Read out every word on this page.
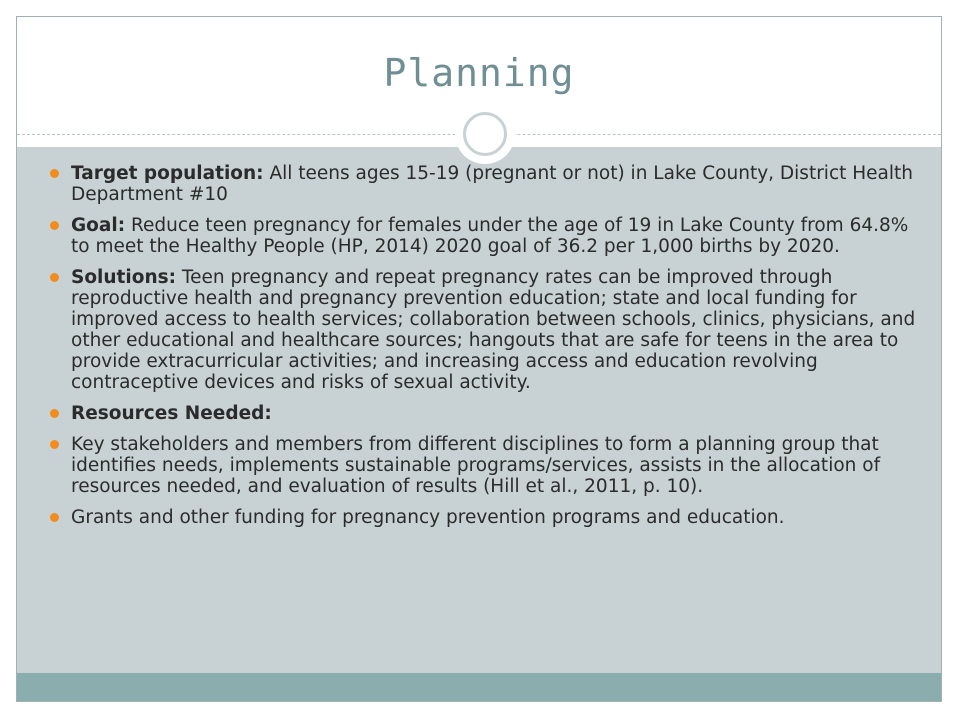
Planning
Target population: All teens ages 15-19 (pregnant or not) in Lake County, District Health Department #10
Goal: Reduce teen pregnancy for females under the age of 19 in Lake County from 64.8% to meet the Healthy People (HP, 2014) 2020 goal of 36.2 per 1,000 births by 2020.
Solutions: Teen pregnancy and repeat pregnancy rates can be improved through reproductive health and pregnancy prevention education; state and local funding for improved access to health services; collaboration between schools, clinics, physicians, and other educational and healthcare sources; hangouts that are safe for teens in the area to provide extracurricular activities; and increasing access and education revolving contraceptive devices and risks of sexual activity.
Resources Needed:
Key stakeholders and members from different disciplines to form a planning group that identifies needs, implements sustainable programs/services, assists in the allocation of resources needed, and evaluation of results (Hill et al., 2011, p. 10).
Grants and other funding for pregnancy prevention programs and education.
